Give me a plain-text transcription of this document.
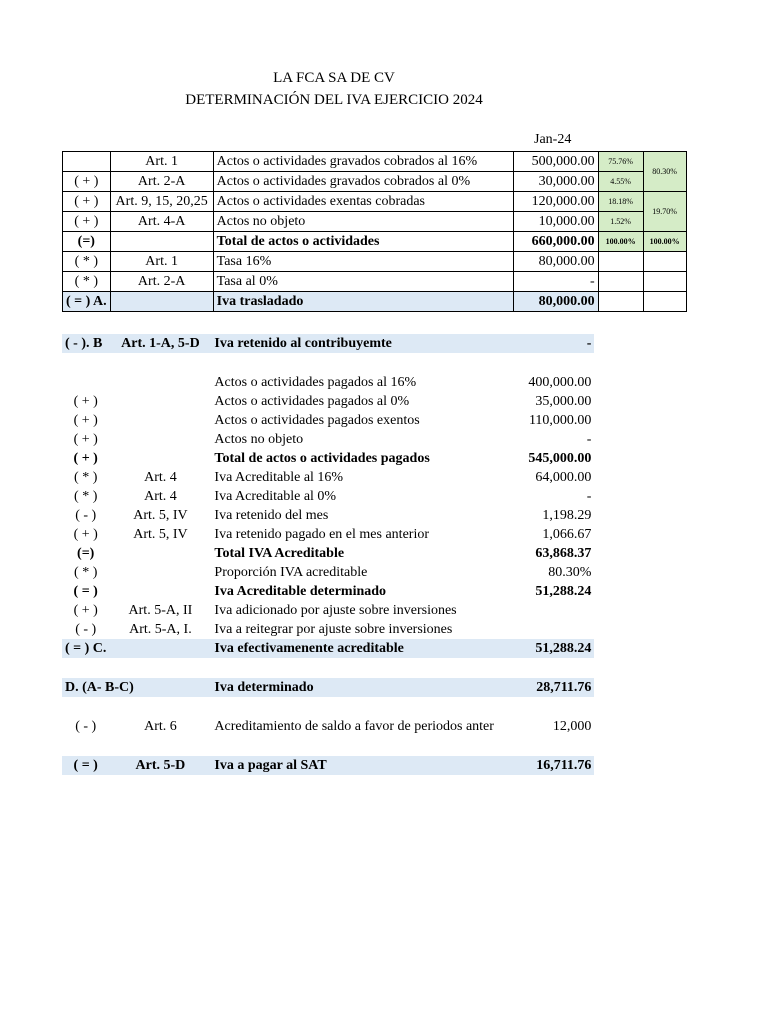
LA FCA SA DE CV
DETERMINACIÓN DEL IVA EJERCICIO 2024
Jan-24
	Art. 1	Actos o actividades gravados cobrados al 16%	500,000.00	75.76%	80.30%
( + )	Art. 2-A	Actos o actividades gravados cobrados al 0%	30,000.00	4.55%	
( + )	Art. 9, 15, 20,25	Actos o actividades exentas cobradas	120,000.00	18.18%	19.70%
( + )	Art. 4-A	Actos no objeto	10,000.00	1.52%	
(=)		Total de actos o actividades	660,000.00	100.00%	100.00%
( * )	Art. 1	Tasa 16%	80,000.00		
( * )	Art. 2-A	Tasa al 0%	-		
( = ) A.		Iva trasladado	80,000.00		
( - ). B	Art. 1-A, 5-D	Iva retenido al contribuyemte	-

		Actos o actividades pagados al 16%	400,000.00
( + )		Actos o actividades pagados al 0%	35,000.00
( + )		Actos o actividades pagados exentos	110,000.00
( + )		Actos no objeto	-
( + )		Total de actos o actividades pagados	545,000.00
( * )	Art. 4	Iva Acreditable al 16%	64,000.00
( * )	Art. 4	Iva Acreditable al 0%	-
( - )	Art. 5, IV	Iva retenido del mes	1,198.29
( + )	Art. 5, IV	Iva retenido pagado en el mes anterior	1,066.67
(=)		Total IVA Acreditable	63,868.37
( * )		Proporción IVA acreditable	80.30%
( = )		Iva Acreditable determinado	51,288.24
( + )	Art. 5-A, II	Iva adicionado por ajuste sobre inversiones	
( - )	Art. 5-A, I.	Iva a reitegrar por ajuste sobre inversiones	
( = ) C.		Iva efectivamenente acreditable	51,288.24

D. (A- B-C)		Iva determinado	28,711.76

( - )	Art. 6	Acreditamiento de saldo a favor de periodos anter	12,000

( = )	Art. 5-D	Iva a pagar al SAT	16,711.76
